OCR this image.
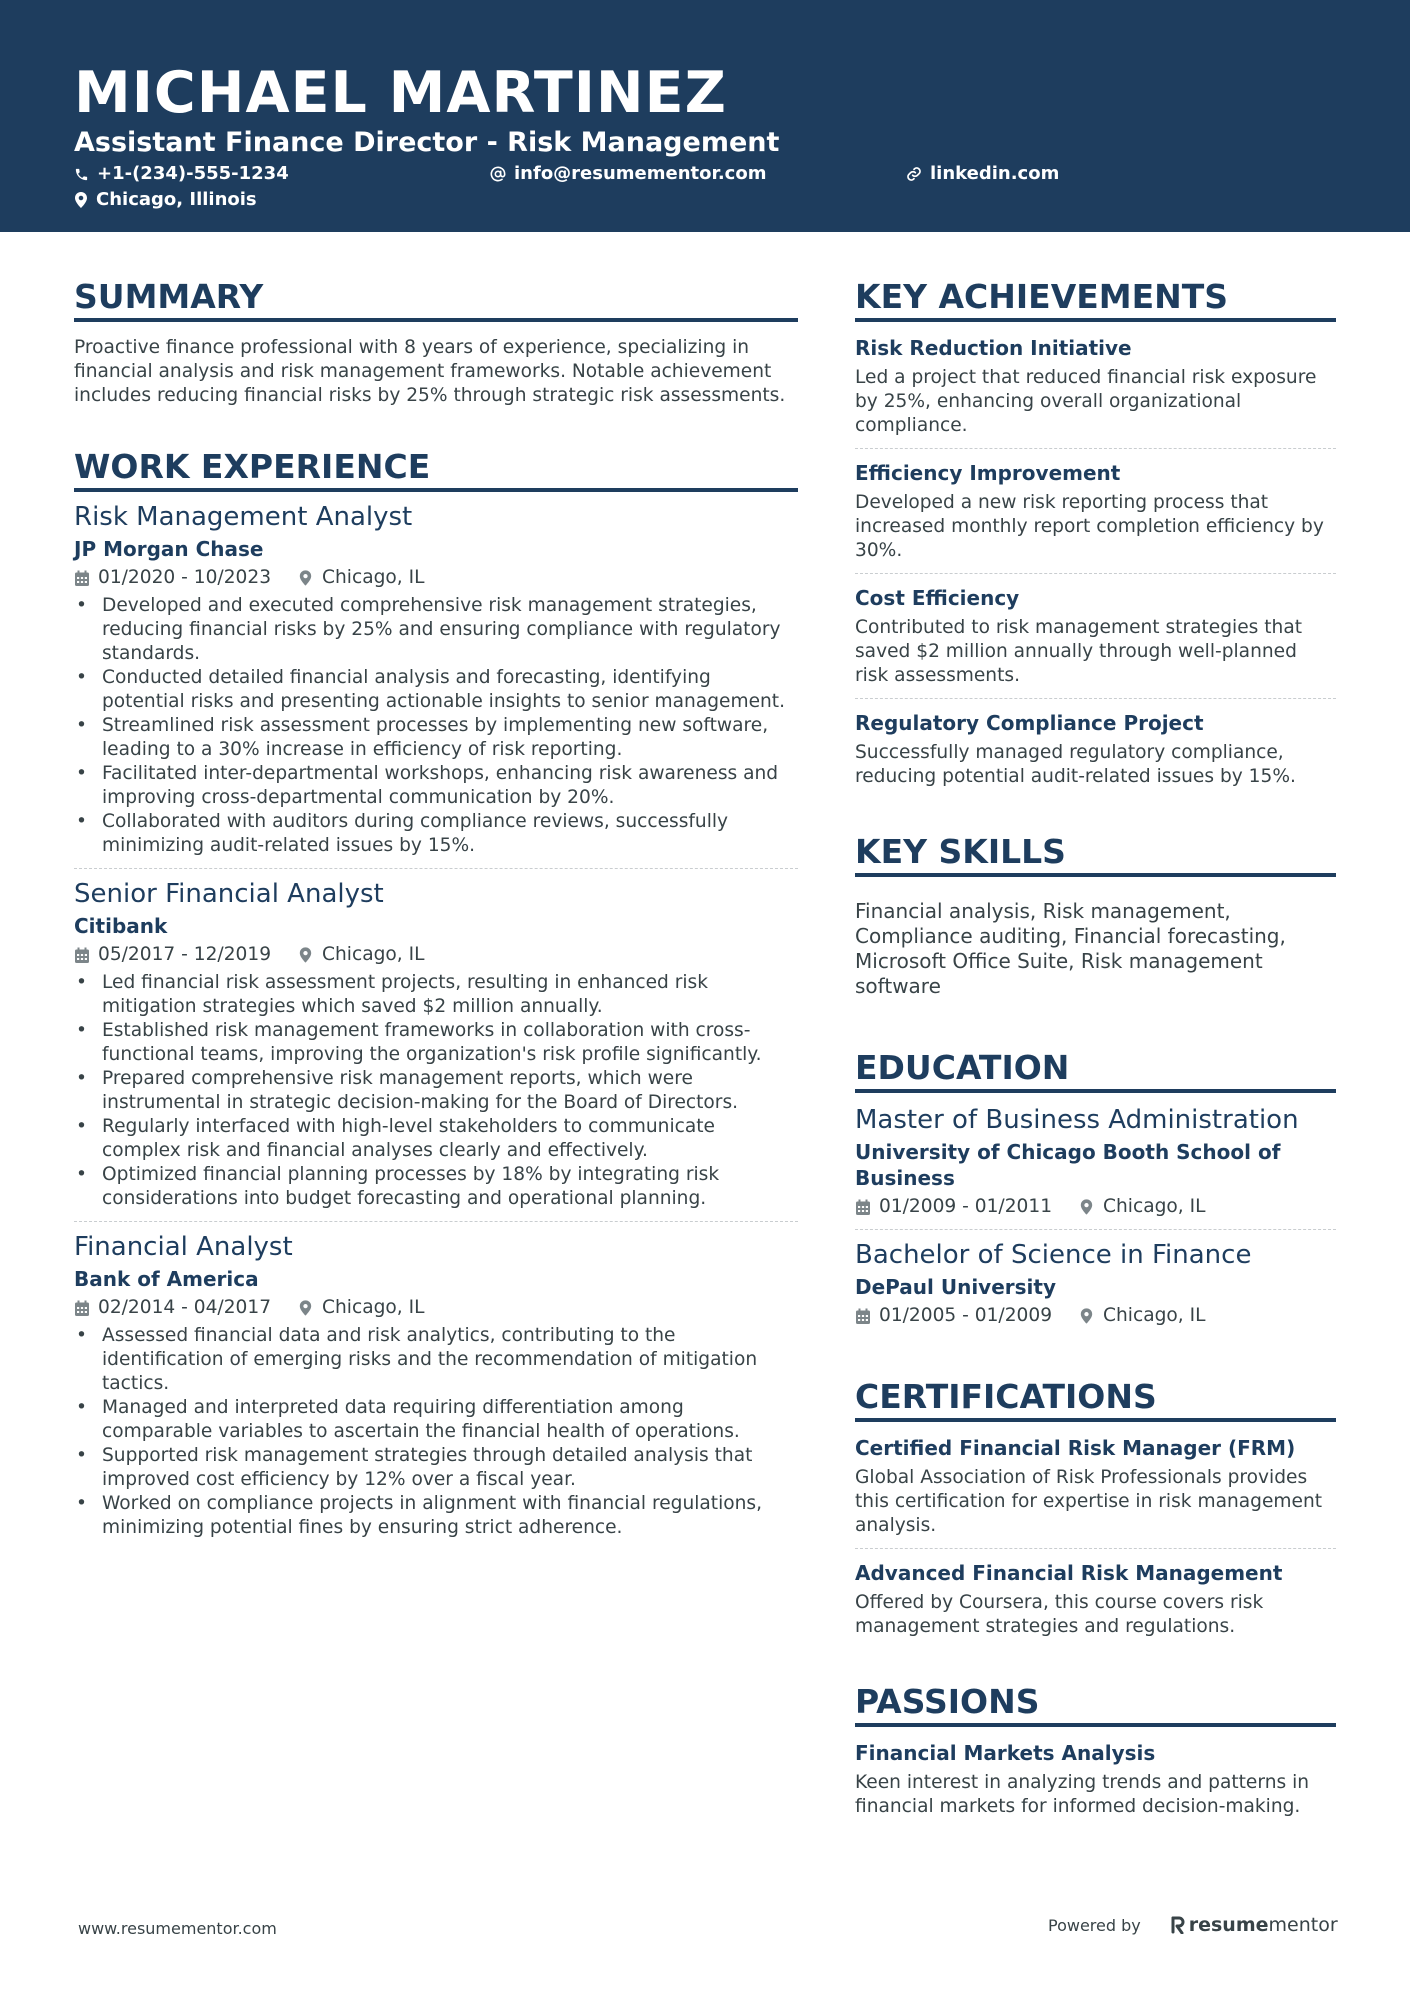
MICHAEL MARTINEZ
Assistant Finance Director - Risk Management
+1-(234)-555-1234	info@resumementor.com	linkedin.com
Chicago, Illinois
SUMMARY
Proactive finance professional with 8 years of experience, specializing in financial analysis and risk management frameworks. Notable achievement includes reducing financial risks by 25% through strategic risk assessments.
WORK EXPERIENCE
Risk Management Analyst
JP Morgan Chase
01/2020 - 10/2023	Chicago, IL
• Developed and executed comprehensive risk management strategies, reducing financial risks by 25% and ensuring compliance with regulatory standards.
• Conducted detailed financial analysis and forecasting, identifying potential risks and presenting actionable insights to senior management.
• Streamlined risk assessment processes by implementing new software, leading to a 30% increase in efficiency of risk reporting.
• Facilitated inter-departmental workshops, enhancing risk awareness and improving cross-departmental communication by 20%.
• Collaborated with auditors during compliance reviews, successfully minimizing audit-related issues by 15%.
Senior Financial Analyst
Citibank
05/2017 - 12/2019	Chicago, IL
• Led financial risk assessment projects, resulting in enhanced risk mitigation strategies which saved $2 million annually.
• Established risk management frameworks in collaboration with cross-functional teams, improving the organization's risk profile significantly.
• Prepared comprehensive risk management reports, which were instrumental in strategic decision-making for the Board of Directors.
• Regularly interfaced with high-level stakeholders to communicate complex risk and financial analyses clearly and effectively.
• Optimized financial planning processes by 18% by integrating risk considerations into budget forecasting and operational planning.
Financial Analyst
Bank of America
02/2014 - 04/2017	Chicago, IL
• Assessed financial data and risk analytics, contributing to the identification of emerging risks and the recommendation of mitigation tactics.
• Managed and interpreted data requiring differentiation among comparable variables to ascertain the financial health of operations.
• Supported risk management strategies through detailed analysis that improved cost efficiency by 12% over a fiscal year.
• Worked on compliance projects in alignment with financial regulations, minimizing potential fines by ensuring strict adherence.
KEY ACHIEVEMENTS
Risk Reduction Initiative
Led a project that reduced financial risk exposure by 25%, enhancing overall organizational compliance.
Efficiency Improvement
Developed a new risk reporting process that increased monthly report completion efficiency by 30%.
Cost Efficiency
Contributed to risk management strategies that saved $2 million annually through well-planned risk assessments.
Regulatory Compliance Project
Successfully managed regulatory compliance, reducing potential audit-related issues by 15%.
KEY SKILLS
Financial analysis, Risk management, Compliance auditing, Financial forecasting, Microsoft Office Suite, Risk management software
EDUCATION
Master of Business Administration
University of Chicago Booth School of Business
01/2009 - 01/2011	Chicago, IL
Bachelor of Science in Finance
DePaul University
01/2005 - 01/2009	Chicago, IL
CERTIFICATIONS
Certified Financial Risk Manager (FRM)
Global Association of Risk Professionals provides this certification for expertise in risk management analysis.
Advanced Financial Risk Management
Offered by Coursera, this course covers risk management strategies and regulations.
PASSIONS
Financial Markets Analysis
Keen interest in analyzing trends and patterns in financial markets for informed decision-making.
www.resumementor.com	Powered by	resume mentor
